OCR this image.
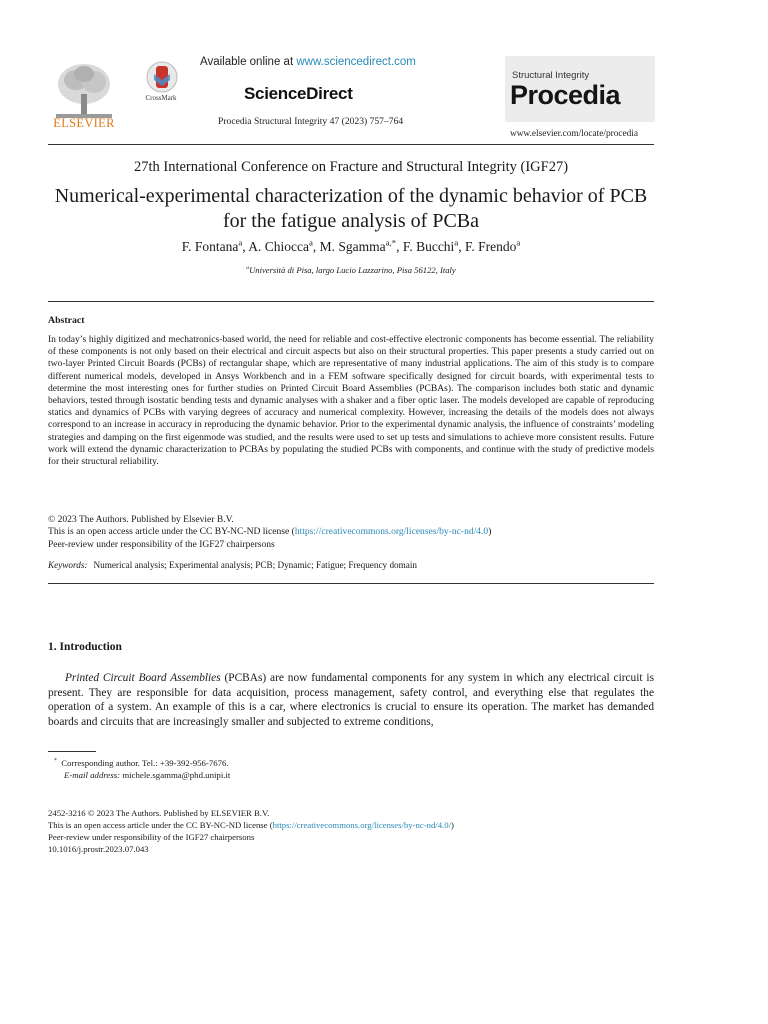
ELSEVIER
CrossMark
Available online at www.sciencedirect.com
ScienceDirect
Procedia Structural Integrity 47 (2023) 757–764
Structural Integrity
Procedia
www.elsevier.com/locate/procedia
27th International Conference on Fracture and Structural Integrity (IGF27)
Numerical-experimental characterization of the dynamic behavior of PCB for the fatigue analysis of PCBa
F. Fontana$^a$, A. Chiocca$^a$, M. Sgamma$^{a,*}$, F. Bucchi$^a$, F. Frendo$^a$
$^a$Università di Pisa, largo Lucio Lazzarino, Pisa 56122, Italy
Abstract
In today’s highly digitized and mechatronics-based world, the need for reliable and cost-effective electronic components has become essential. The reliability of these components is not only based on their electrical and circuit aspects but also on their structural properties. This paper presents a study carried out on two-layer Printed Circuit Boards (PCBs) of rectangular shape, which are representative of many industrial applications. The aim of this study is to compare different numerical models, developed in Ansys Workbench and in a FEM software specifically designed for circuit boards, with experimental tests to determine the most interesting ones for further studies on Printed Circuit Board Assemblies (PCBAs). The comparison includes both static and dynamic behaviors, tested through isostatic bending tests and dynamic analyses with a shaker and a fiber optic laser. The models developed are capable of reproducing statics and dynamics of PCBs with varying degrees of accuracy and numerical complexity. However, increasing the details of the models does not always correspond to an increase in accuracy in reproducing the dynamic behavior. Prior to the experimental dynamic analysis, the influence of constraints’ modeling strategies and damping on the first eigenmode was studied, and the results were used to set up tests and simulations to achieve more consistent results. Future work will extend the dynamic characterization to PCBAs by populating the studied PCBs with components, and continue with the study of predictive models for their structural reliability.
© 2023 The Authors. Published by Elsevier B.V.
This is an open access article under the CC BY-NC-ND license (https://creativecommons.org/licenses/by-nc-nd/4.0)
Peer-review under responsibility of the IGF27 chairpersons
Keywords: Numerical analysis; Experimental analysis; PCB; Dynamic; Fatigue; Frequency domain
1. Introduction

Printed Circuit Board Assemblies (PCBAs) are now fundamental components for any system in which any electrical circuit is present. They are responsible for data acquisition, process management, safety control, and everything else that regulates the operation of a system. An example of this is a car, where electronics is crucial to ensure its operation. The market has demanded boards and circuits that are increasingly smaller and subjected to extreme conditions,

* Corresponding author. Tel.: +39-392-956-7676.
E-mail address: michele.sgamma@phd.unipi.it
2452-3216 © 2023 The Authors. Published by ELSEVIER B.V.
This is an open access article under the CC BY-NC-ND license (https://creativecommons.org/licenses/by-nc-nd/4.0/)
Peer-review under responsibility of the IGF27 chairpersons
10.1016/j.prostr.2023.07.043
